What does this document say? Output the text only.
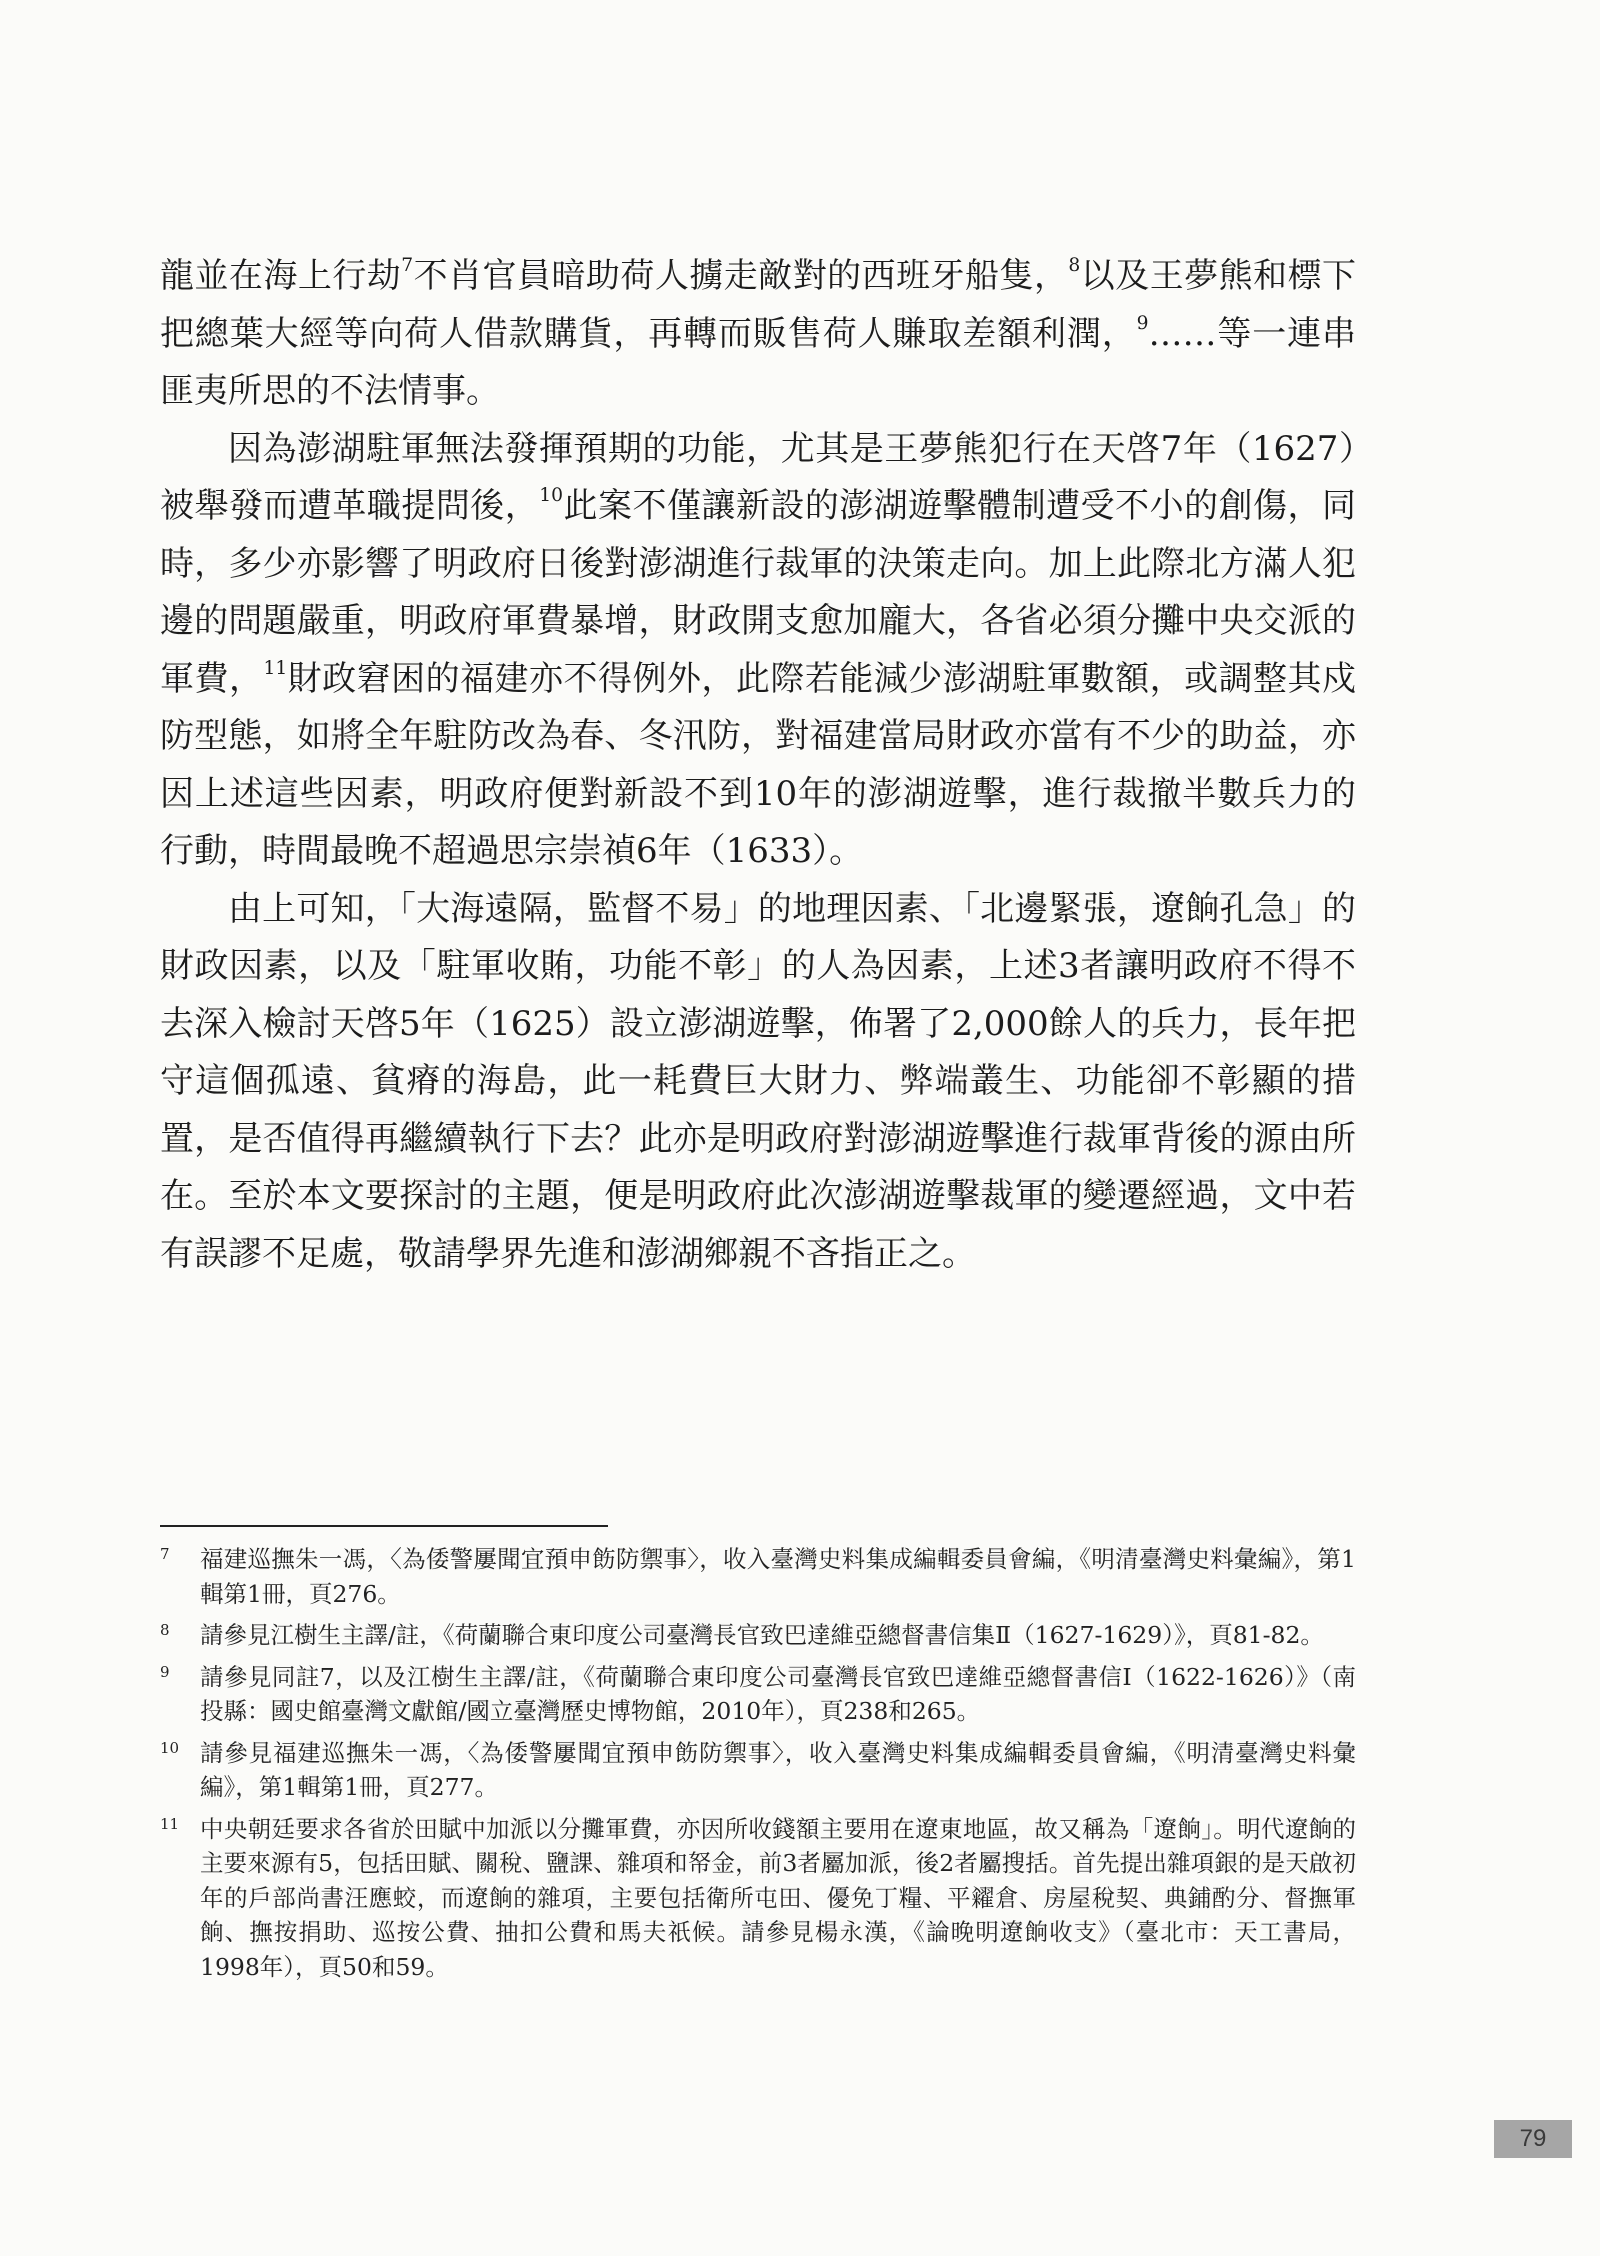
龍並在海上行劫$^7$不肖官員暗助荷人擄走敵對的西班牙船隻，$^8$以及王夢熊和標下把總葉大經等向荷人借款購貨，再轉而販售荷人賺取差額利潤，$^9$……等一連串匪夷所思的不法情事。

因為澎湖駐軍無法發揮預期的功能，尤其是王夢熊犯行在天啓7年（1627）被舉發而遭革職提問後，$^{10}$此案不僅讓新設的澎湖遊擊體制遭受不小的創傷，同時，多少亦影響了明政府日後對澎湖進行裁軍的決策走向。加上此際北方滿人犯邊的問題嚴重，明政府軍費暴增，財政開支愈加龐大，各省必須分攤中央交派的軍費，$^{11}$財政窘困的福建亦不得例外，此際若能減少澎湖駐軍數額，或調整其戍防型態，如將全年駐防改為春、冬汛防，對福建當局財政亦當有不少的助益，亦因上述這些因素，明政府便對新設不到10年的澎湖遊擊，進行裁撤半數兵力的行動，時間最晚不超過思宗崇禎6年（1633）。

由上可知，「大海遠隔，監督不易」的地理因素、「北邊緊張，遼餉孔急」的財政因素，以及「駐軍收賄，功能不彰」的人為因素，上述3者讓明政府不得不去深入檢討天啓5年（1625）設立澎湖遊擊，佈署了2,000餘人的兵力，長年把守這個孤遠、貧瘠的海島，此一耗費巨大財力、弊端叢生、功能卻不彰顯的措置，是否值得再繼續執行下去？此亦是明政府對澎湖遊擊進行裁軍背後的源由所在。至於本文要探討的主題，便是明政府此次澎湖遊擊裁軍的變遷經過，文中若有誤謬不足處，敬請學界先進和澎湖鄉親不吝指正之。

7	福建巡撫朱一馮，〈為倭警屢聞宜預申飭防禦事〉，收入臺灣史料集成編輯委員會編，《明清臺灣史料彙編》，第1輯第1冊，頁276。
8	請參見江樹生主譯/註，《荷蘭聯合東印度公司臺灣長官致巴達維亞總督書信集Ⅱ（1627-1629）》，頁81-82。
9	請參見同註7，以及江樹生主譯/註，《荷蘭聯合東印度公司臺灣長官致巴達維亞總督書信Ⅰ（1622-1626）》（南投縣：國史館臺灣文獻館/國立臺灣歷史博物館，2010年），頁238和265。
10 請參見福建巡撫朱一馮，〈為倭警屢聞宜預申飭防禦事〉，收入臺灣史料集成編輯委員會編，《明清臺灣史料彙編》，第1輯第1冊，頁277。
11 中央朝廷要求各省於田賦中加派以分攤軍費，亦因所收錢額主要用在遼東地區，故又稱為「遼餉」。明代遼餉的主要來源有5，包括田賦、關稅、鹽課、雜項和帑金，前3者屬加派，後2者屬搜括。首先提出雜項銀的是天啟初年的戶部尚書汪應蛟，而遼餉的雜項，主要包括衛所屯田、優免丁糧、平糴倉、房屋稅契、典鋪酌分、督撫軍餉、撫按捐助、巡按公費、抽扣公費和馬夫祇候。請參見楊永漢，《論晚明遼餉收支》（臺北市：天工書局，1998年），頁50和59。
79
